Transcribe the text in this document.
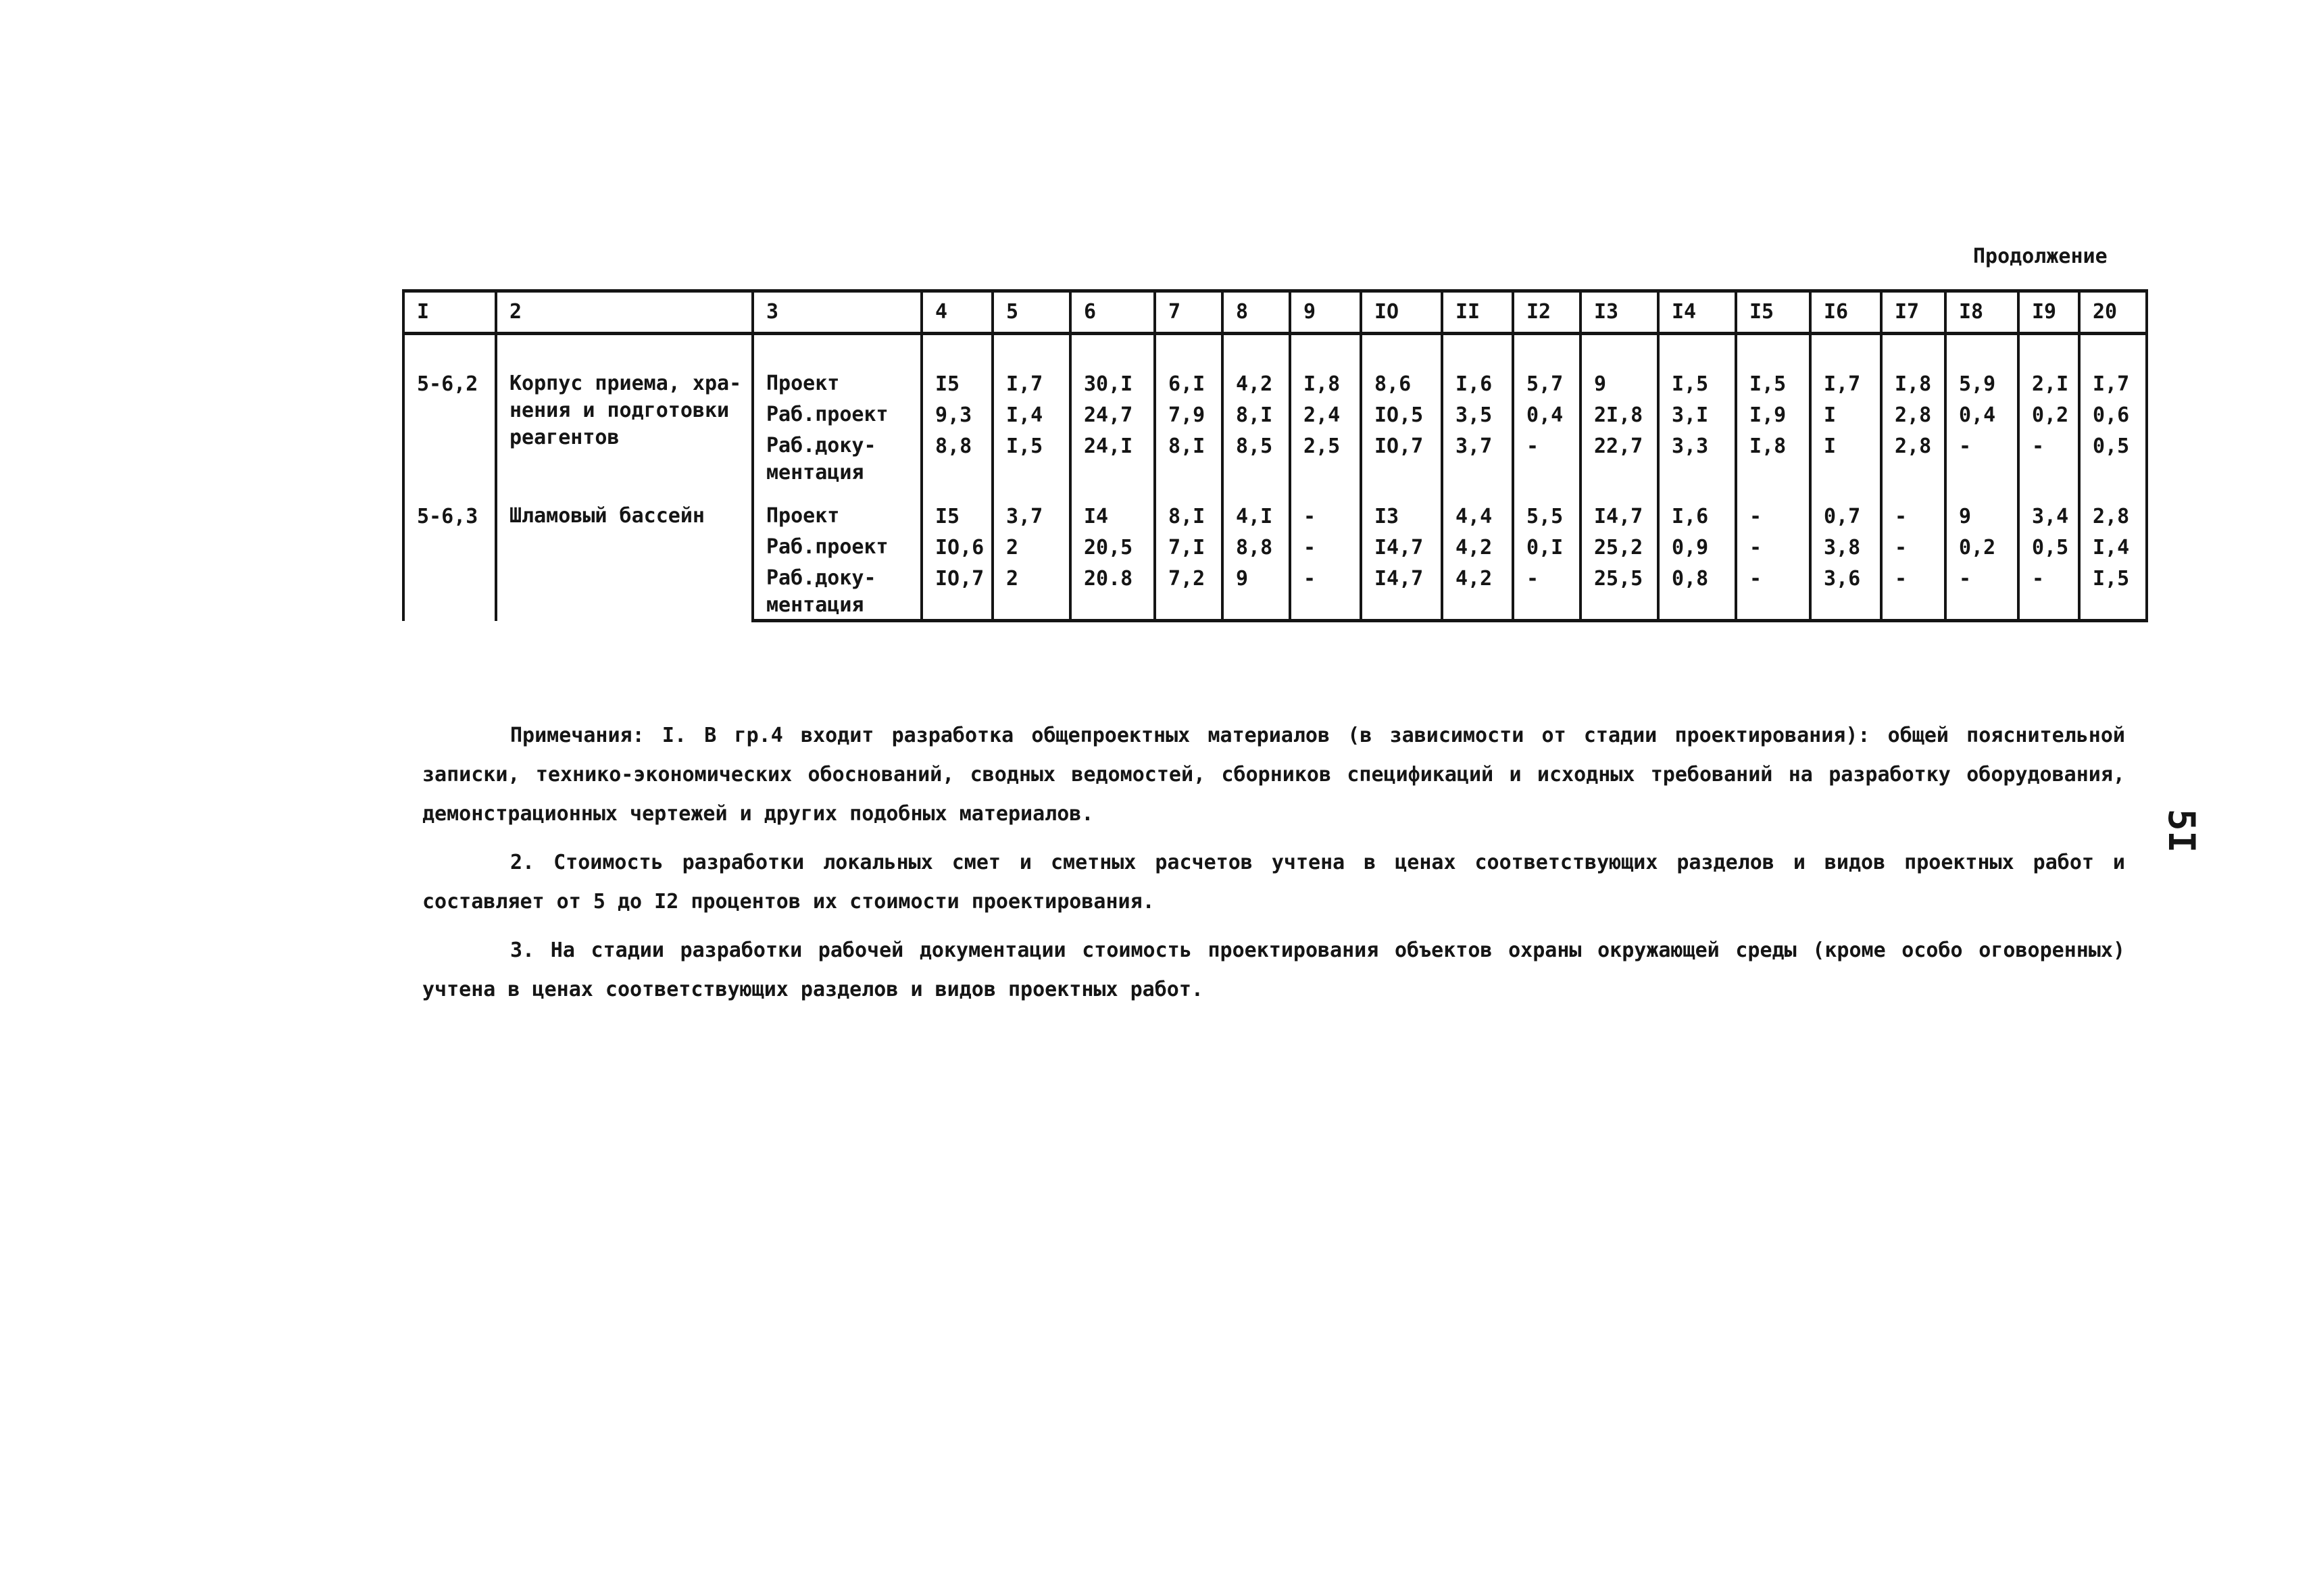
Продолжение
I	2	3	4	5	6	7	8	9	IO	II	I2	I3	I4	I5	I6	I7	I8	I9	20

5-6,2	Корпус приема, хра-нения и подготовки реагентов	Проект	I5	I,7	30,I	6,I	4,2	I,8	8,6	I,6	5,7	9	I,5	I,5	I,7	I,8	5,9	2,I	I,7
		Раб.проект	9,3	I,4	24,7	7,9	8,I	2,4	IO,5	3,5	0,4	2I,8	3,I	I,9	I	2,8	0,4	0,2	0,6
		Раб.доку-ментация	8,8	I,5	24,I	8,I	8,5	2,5	IO,7	3,7	-	22,7	3,3	I,8	I	2,8	-	-	0,5

5-6,3	Шламовый бассейн	Проект	I5	3,7	I4	8,I	4,I	-	I3	4,4	5,5	I4,7	I,6	-	0,7	-	9	3,4	2,8
		Раб.проект	IO,6	2	20,5	7,I	8,8	-	I4,7	4,2	0,I	25,2	0,9	-	3,8	-	0,2	0,5	I,4
		Раб.доку-ментация	IO,7	2	20.8	7,2	9	-	I4,7	4,2	-	25,5	0,8	-	3,6	-	-	-	I,5

Примечания: I. В гр.4 входит разработка общепроектных материалов (в зависимости от стадии проектирования): общей пояснительной записки, технико-экономических обоснований, сводных ведомостей, сборников спецификаций и исходных требований на разработку оборудования, демонстрационных чертежей и других подобных материалов.

2. Стоимость разработки локальных смет и сметных расчетов учтена в ценах соответствующих разделов и видов проектных работ и составляет от 5 до I2 процентов их стоимости проектирования.

3. На стадии разработки рабочей документации стоимость проектирования объектов охраны окружающей среды (кроме особо оговоренных) учтена в ценах соответствующих разделов и видов проектных работ.

5I
